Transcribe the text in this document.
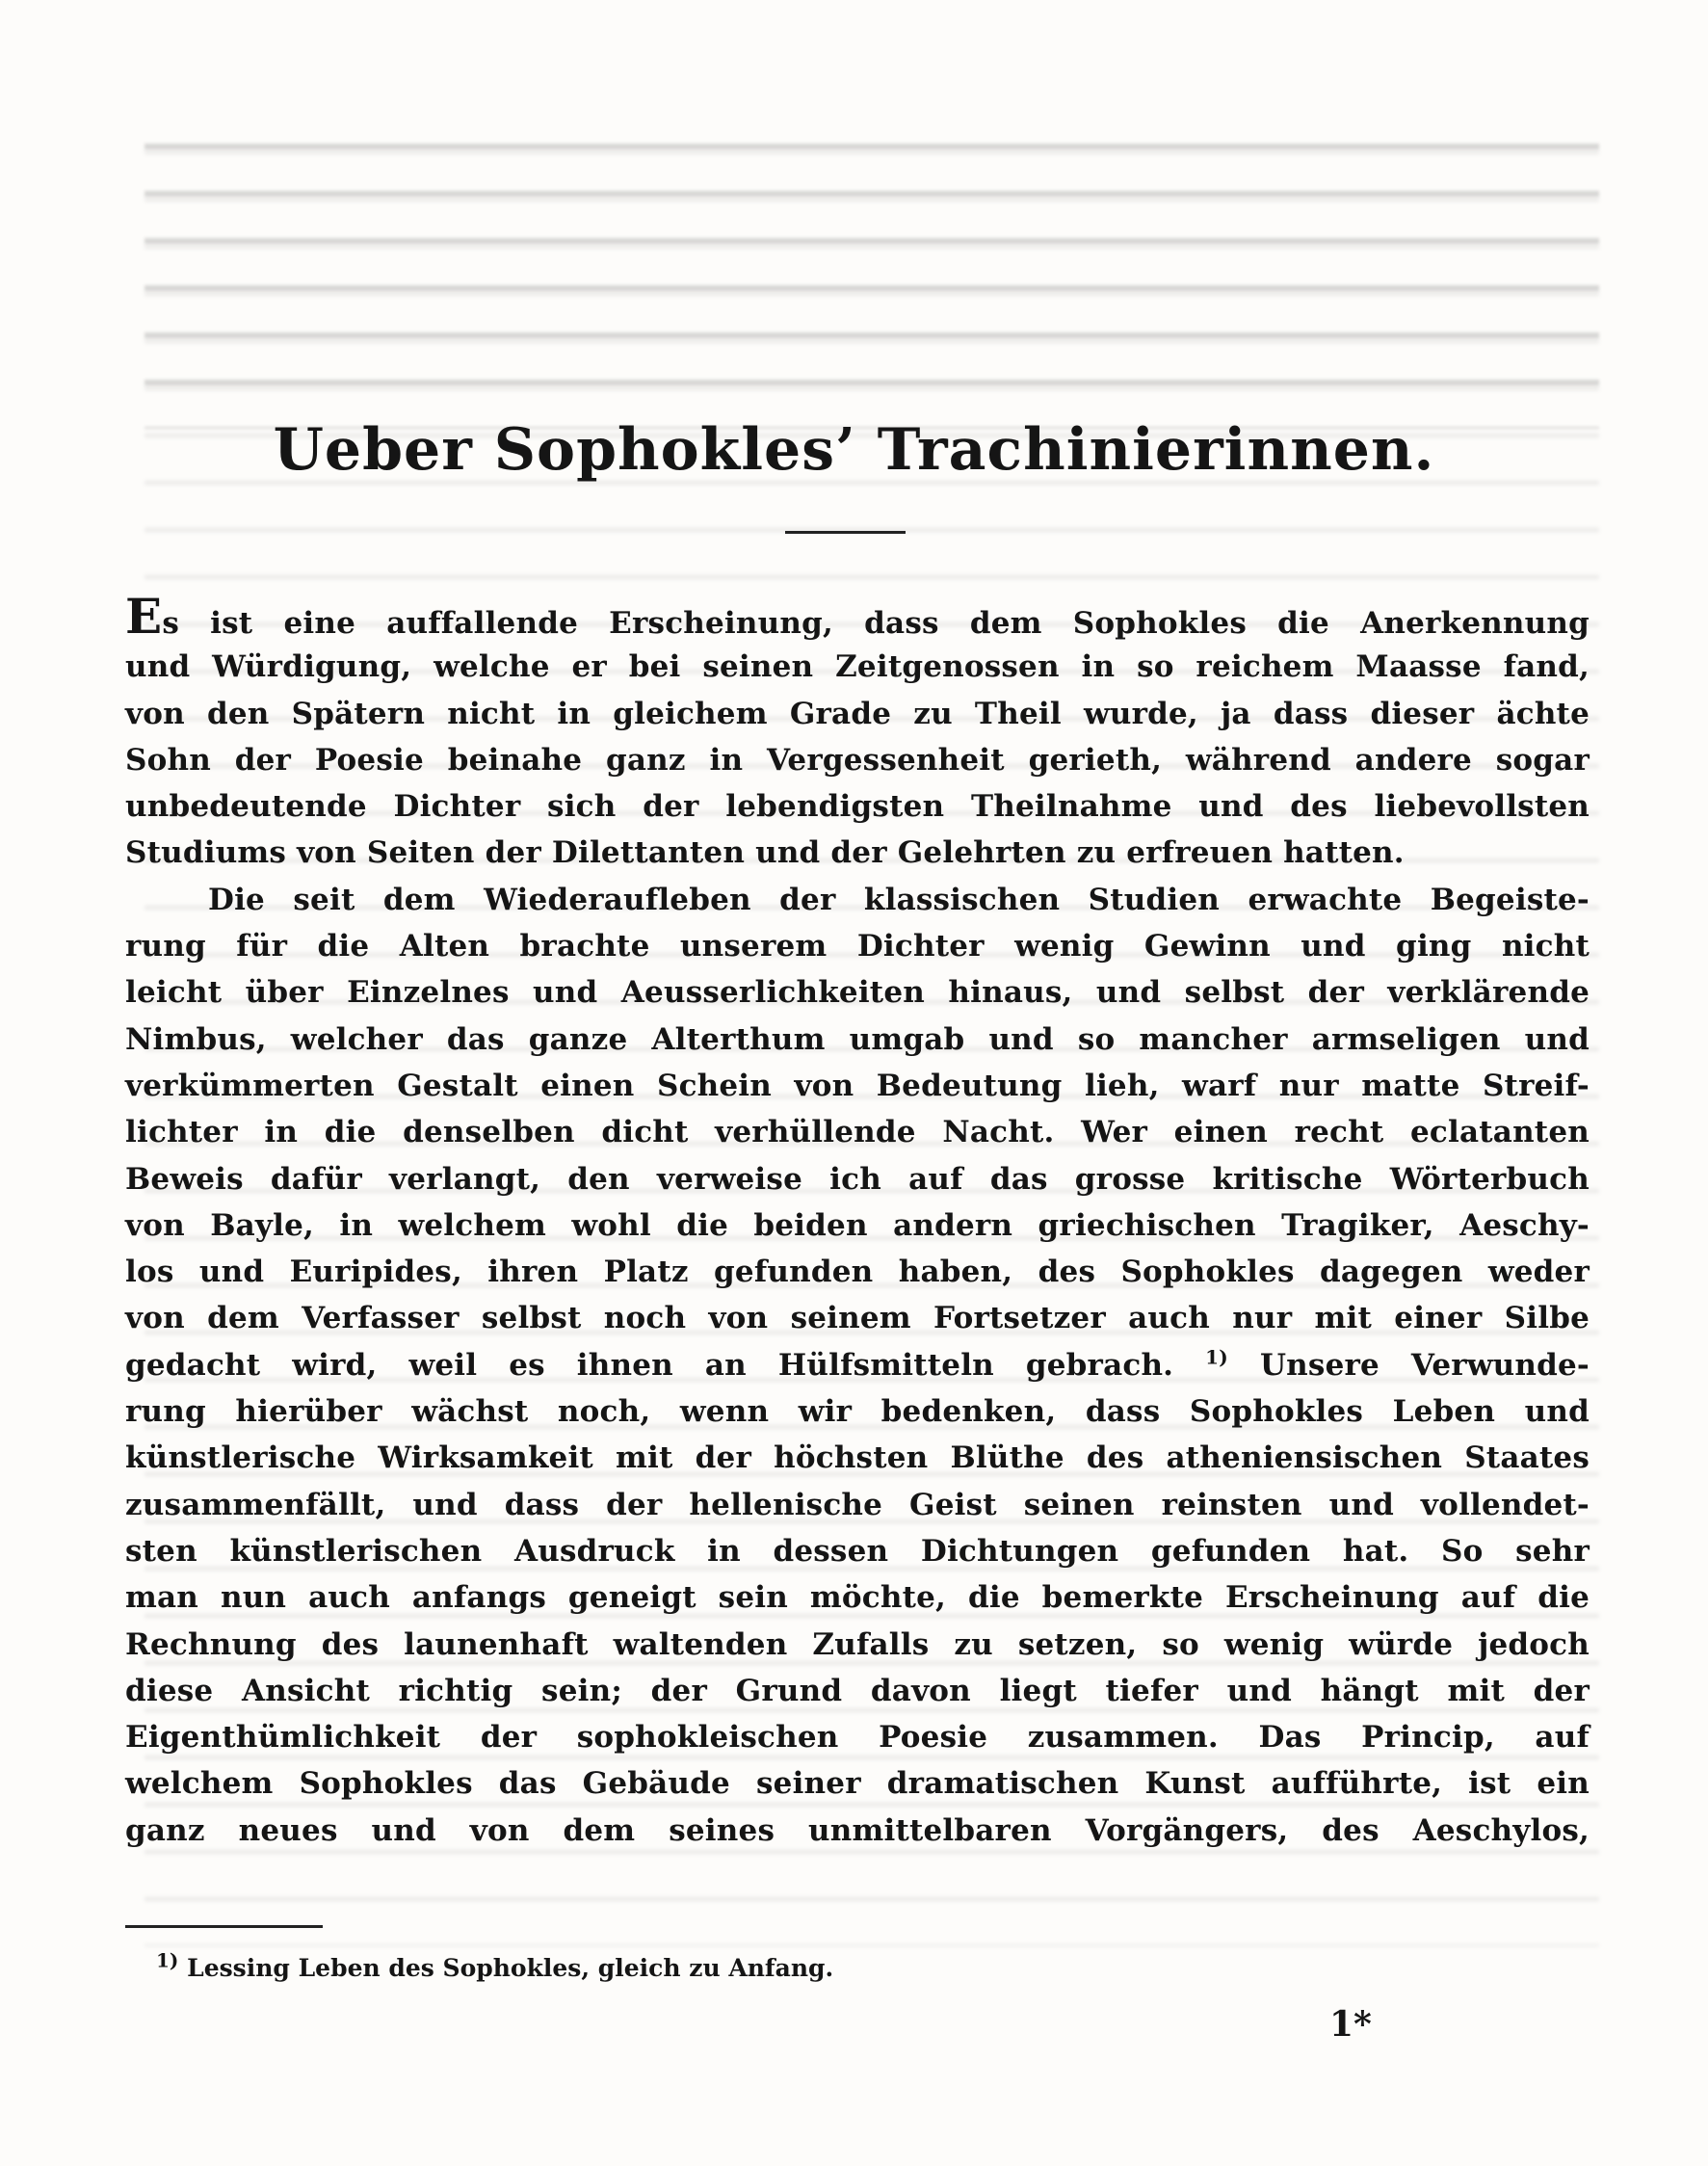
Ueber Sophokles’ Trachinierinnen.
Es ist eine auffallende Erscheinung, dass dem Sophokles die Anerkennung
und Würdigung, welche er bei seinen Zeitgenossen in so reichem Maasse fand,
von den Spätern nicht in gleichem Grade zu Theil wurde, ja dass dieser ächte
Sohn der Poesie beinahe ganz in Vergessenheit gerieth, während andere sogar
unbedeutende Dichter sich der lebendigsten Theilnahme und des liebevollsten
Studiums von Seiten der Dilettanten und der Gelehrten zu erfreuen hatten.
Die seit dem Wiederaufleben der klassischen Studien erwachte Begeiste-
rung für die Alten brachte unserem Dichter wenig Gewinn und ging nicht
leicht über Einzelnes und Aeusserlichkeiten hinaus, und selbst der verklärende
Nimbus, welcher das ganze Alterthum umgab und so mancher armseligen und
verkümmerten Gestalt einen Schein von Bedeutung lieh, warf nur matte Streif-
lichter in die denselben dicht verhüllende Nacht. Wer einen recht eclatanten
Beweis dafür verlangt, den verweise ich auf das grosse kritische Wörterbuch
von Bayle, in welchem wohl die beiden andern griechischen Tragiker, Aeschy-
los und Euripides, ihren Platz gefunden haben, des Sophokles dagegen weder
von dem Verfasser selbst noch von seinem Fortsetzer auch nur mit einer Silbe
gedacht wird, weil es ihnen an Hülfsmitteln gebrach. $^{1)}$ Unsere Verwunde-
rung hierüber wächst noch, wenn wir bedenken, dass Sophokles Leben und
künstlerische Wirksamkeit mit der höchsten Blüthe des atheniensischen Staates
zusammenfällt, und dass der hellenische Geist seinen reinsten und vollendet-
sten künstlerischen Ausdruck in dessen Dichtungen gefunden hat. So sehr
man nun auch anfangs geneigt sein möchte, die bemerkte Erscheinung auf die
Rechnung des launenhaft waltenden Zufalls zu setzen, so wenig würde jedoch
diese Ansicht richtig sein; der Grund davon liegt tiefer und hängt mit der
Eigenthümlichkeit der sophokleischen Poesie zusammen. Das Princip, auf
welchem Sophokles das Gebäude seiner dramatischen Kunst aufführte, ist ein
ganz neues und von dem seines unmittelbaren Vorgängers, des Aeschylos,
$^{1)}$ Lessing Leben des Sophokles, gleich zu Anfang.
1*
